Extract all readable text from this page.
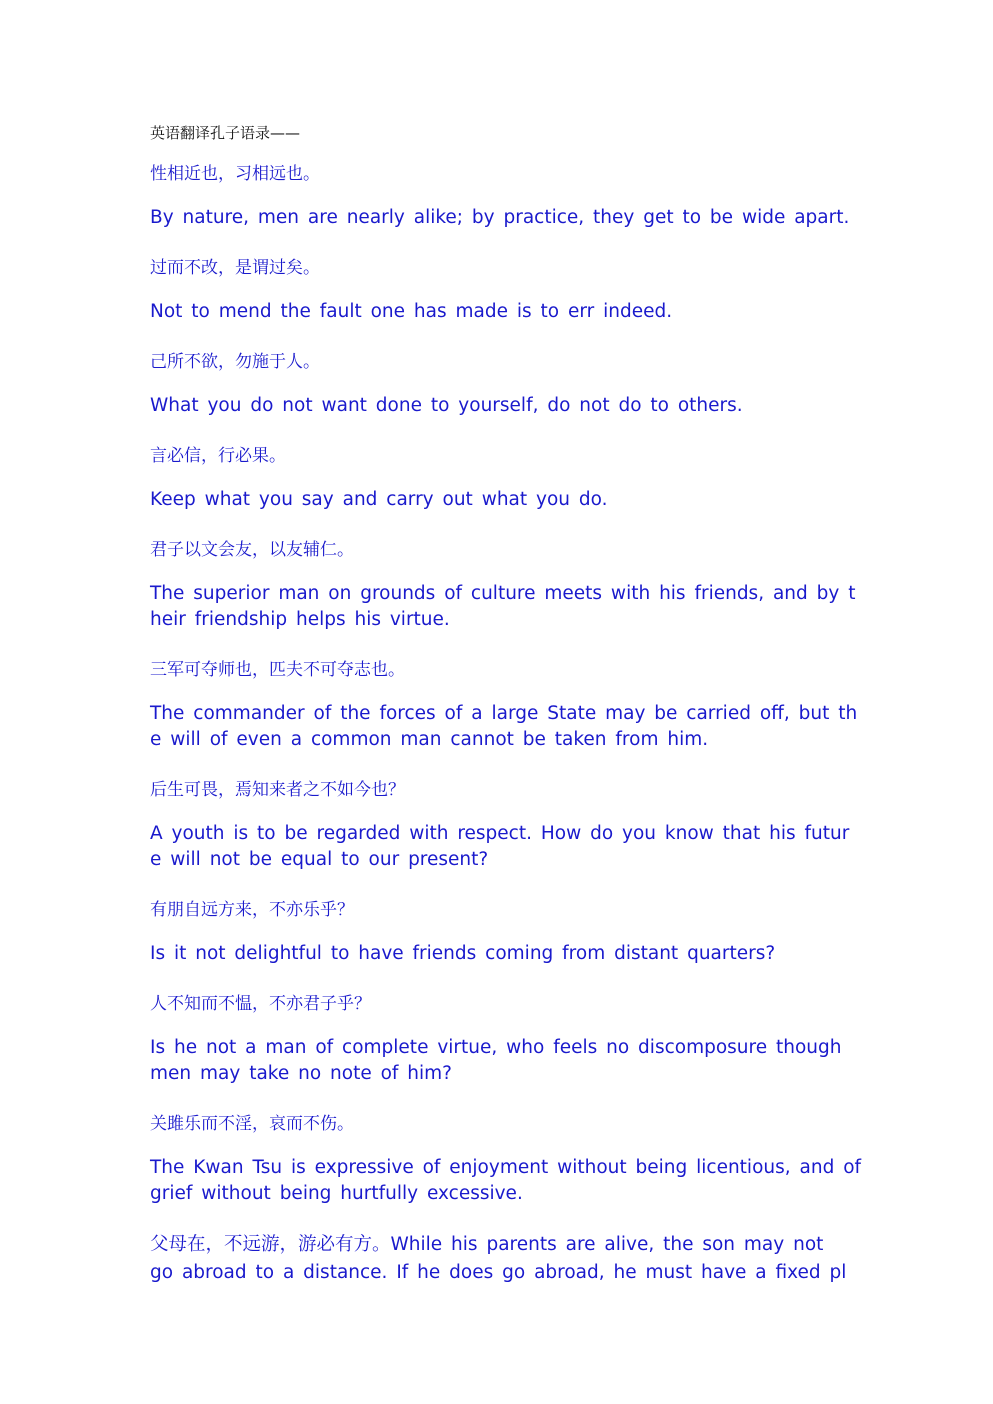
英语翻译孔子语录——
性相近也，习相远也。
By nature, men are nearly alike; by practice, they get to be wide apart.
过而不改，是谓过矣。
Not to mend the fault one has made is to err indeed.
己所不欲，勿施于人。
What you do not want done to yourself, do not do to others.
言必信，行必果。
Keep what you say and carry out what you do.
君子以文会友，以友辅仁。
The superior man on grounds of culture meets with his friends, and by t
heir friendship helps his virtue.
三军可夺师也，匹夫不可夺志也。
The commander of the forces of a large State may be carried off, but th
e will of even a common man cannot be taken from him.
后生可畏，焉知来者之不如今也？
A youth is to be regarded with respect. How do you know that his futur
e will not be equal to our present?
有朋自远方来，不亦乐乎？
Is it not delightful to have friends coming from distant quarters?
人不知而不愠，不亦君子乎？
Is he not a man of complete virtue, who feels no discomposure though
men may take no note of him?
关雎乐而不淫，哀而不伤。
The Kwan Tsu is expressive of enjoyment without being licentious, and of
grief without being hurtfully excessive.
父母在，不远游，游必有方。While his parents are alive, the son may not
go abroad to a distance. If he does go abroad, he must have a fixed pl
